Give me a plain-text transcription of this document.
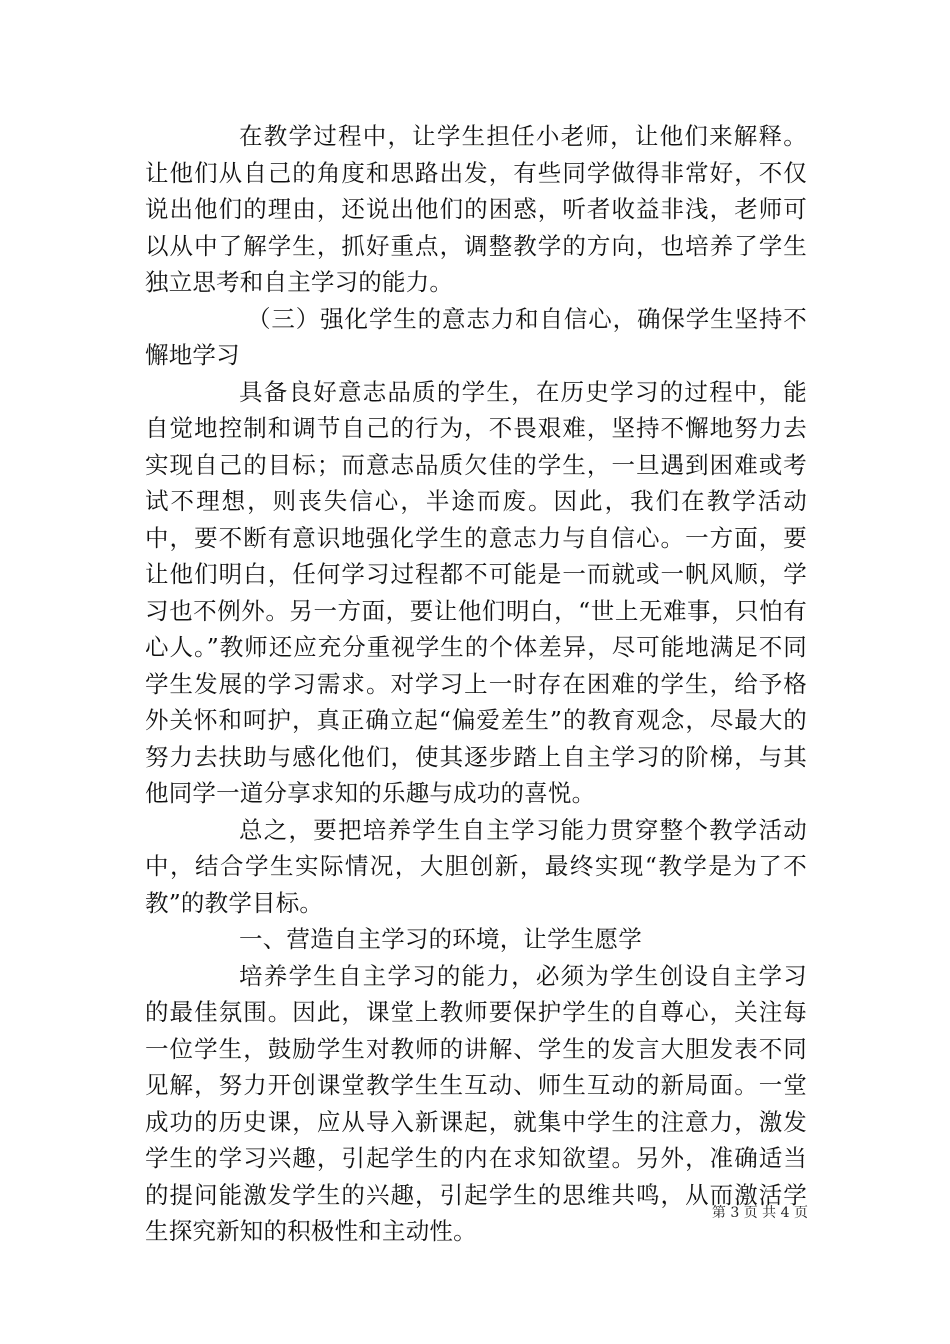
在教学过程中，让学生担任小老师，让他们来解释。让他们从自己的角度和思路出发，有些同学做得非常好，不仅说出他们的理由，还说出他们的困惑，听者收益非浅，老师可以从中了解学生，抓好重点，调整教学的方向，也培养了学生独立思考和自主学习的能力。

（三）强化学生的意志力和自信心，确保学生坚持不懈地学习

具备良好意志品质的学生，在历史学习的过程中，能自觉地控制和调节自己的行为，不畏艰难，坚持不懈地努力去实现自己的目标；而意志品质欠佳的学生，一旦遇到困难或考试不理想，则丧失信心，半途而废。因此，我们在教学活动中，要不断有意识地强化学生的意志力与自信心。一方面，要让他们明白，任何学习过程都不可能是一而就或一帆风顺，学习也不例外。另一方面，要让他们明白，“世上无难事，只怕有心人。”教师还应充分重视学生的个体差异，尽可能地满足不同学生发展的学习需求。对学习上一时存在困难的学生，给予格外关怀和呵护，真正确立起“偏爱差生”的教育观念，尽最大的努力去扶助与感化他们，使其逐步踏上自主学习的阶梯，与其他同学一道分享求知的乐趣与成功的喜悦。

总之，要把培养学生自主学习能力贯穿整个教学活动中，结合学生实际情况，大胆创新，最终实现“教学是为了不教”的教学目标。

一、营造自主学习的环境，让学生愿学

培养学生自主学习的能力，必须为学生创设自主学习的最佳氛围。因此，课堂上教师要保护学生的自尊心，关注每一位学生，鼓励学生对教师的讲解、学生的发言大胆发表不同见解，努力开创课堂教学生生互动、师生互动的新局面。一堂成功的历史课，应从导入新课起，就集中学生的注意力，激发学生的学习兴趣，引起学生的内在求知欲望。另外，准确适当的提问能激发学生的兴趣，引起学生的思维共鸣，从而激活学生探究新知的积极性和主动性。

第 3 页 共 4 页
